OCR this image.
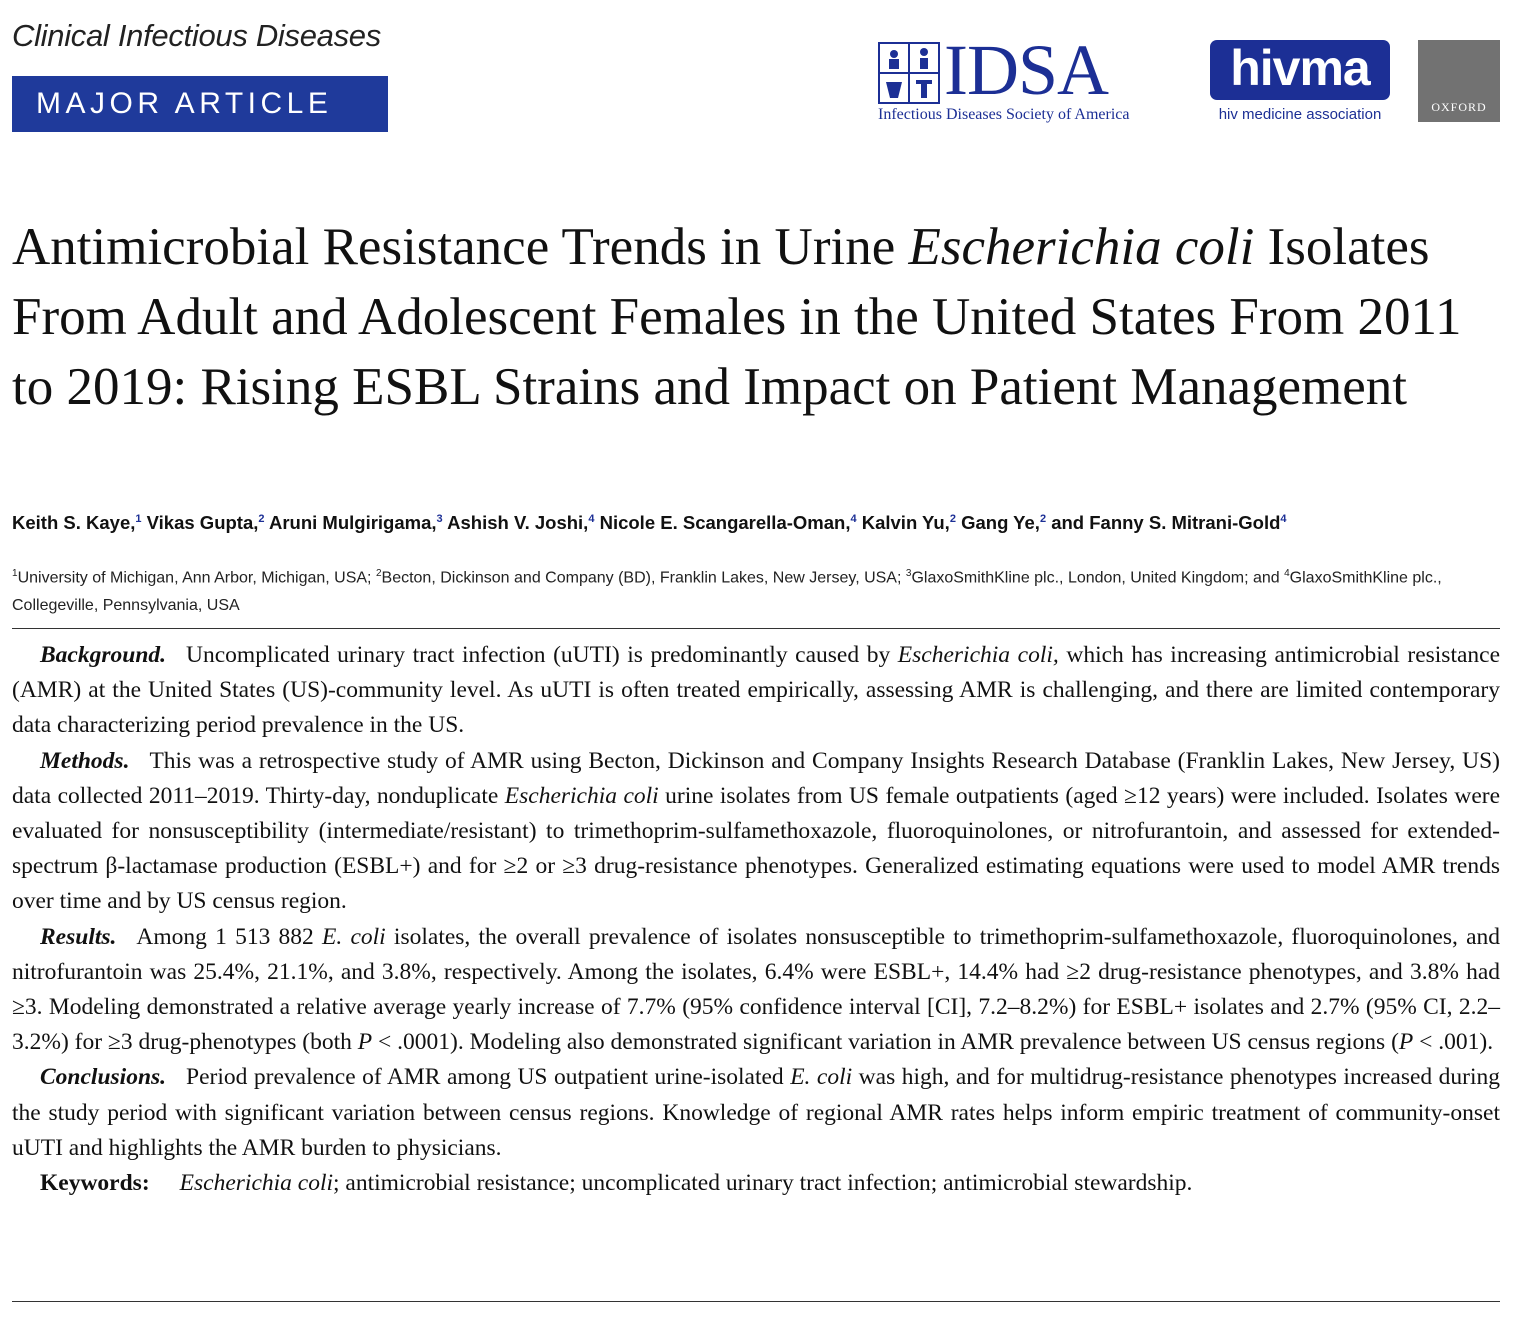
Clinical Infectious Diseases
MAJOR ARTICLE	IDSA
Infectious Diseases Society of America
hivma
hiv medicine association	OXFORD
Antimicrobial Resistance Trends in Urine Escherichia coli Isolates From Adult and Adolescent Females in the United States From 2011 to 2019: Rising ESBL Strains and Impact on Patient Management
Keith S. Kaye,$^1$ Vikas Gupta,$^2$ Aruni Mulgirigama,$^3$ Ashish V. Joshi,$^4$ Nicole E. Scangarella-Oman,$^4$ Kalvin Yu,$^2$ Gang Ye,$^2$ and Fanny S. Mitrani-Gold$^4$
$^1$University of Michigan, Ann Arbor, Michigan, USA; $^2$Becton, Dickinson and Company (BD), Franklin Lakes, New Jersey, USA; $^3$GlaxoSmithKline plc., London, United Kingdom; and $^4$GlaxoSmithKline plc., Collegeville, Pennsylvania, USA

Background. Uncomplicated urinary tract infection (uUTI) is predominantly caused by Escherichia coli, which has increasing antimicrobial resistance (AMR) at the United States (US)-community level. As uUTI is often treated empirically, assessing AMR is challenging, and there are limited contemporary data characterizing period prevalence in the US.

Methods. This was a retrospective study of AMR using Becton, Dickinson and Company Insights Research Database (Franklin Lakes, New Jersey, US) data collected 2011–2019. Thirty-day, nonduplicate Escherichia coli urine isolates from US female outpatients (aged ≥12 years) were included. Isolates were evaluated for nonsusceptibility (intermediate/resistant) to trimethoprim-sulfamethoxazole, fluoroquinolones, or nitrofurantoin, and assessed for extended-spectrum β-lactamase production (ESBL+) and for ≥2 or ≥3 drug-resistance phenotypes. Generalized estimating equations were used to model AMR trends over time and by US census region.

Results. Among 1 513 882 E. coli isolates, the overall prevalence of isolates nonsusceptible to trimethoprim-sulfamethoxazole, fluoroquinolones, and nitrofurantoin was 25.4%, 21.1%, and 3.8%, respectively. Among the isolates, 6.4% were ESBL+, 14.4% had ≥2 drug-resistance phenotypes, and 3.8% had ≥3. Modeling demonstrated a relative average yearly increase of 7.7% (95% confidence interval [CI], 7.2–8.2%) for ESBL+ isolates and 2.7% (95% CI, 2.2–3.2%) for ≥3 drug-phenotypes (both P < .0001). Modeling also demonstrated significant variation in AMR prevalence between US census regions (P < .001).

Conclusions. Period prevalence of AMR among US outpatient urine-isolated E. coli was high, and for multidrug-resistance phenotypes increased during the study period with significant variation between census regions. Knowledge of regional AMR rates helps inform empiric treatment of community-onset uUTI and highlights the AMR burden to physicians.

Keywords: Escherichia coli; antimicrobial resistance; uncomplicated urinary tract infection; antimicrobial stewardship.
